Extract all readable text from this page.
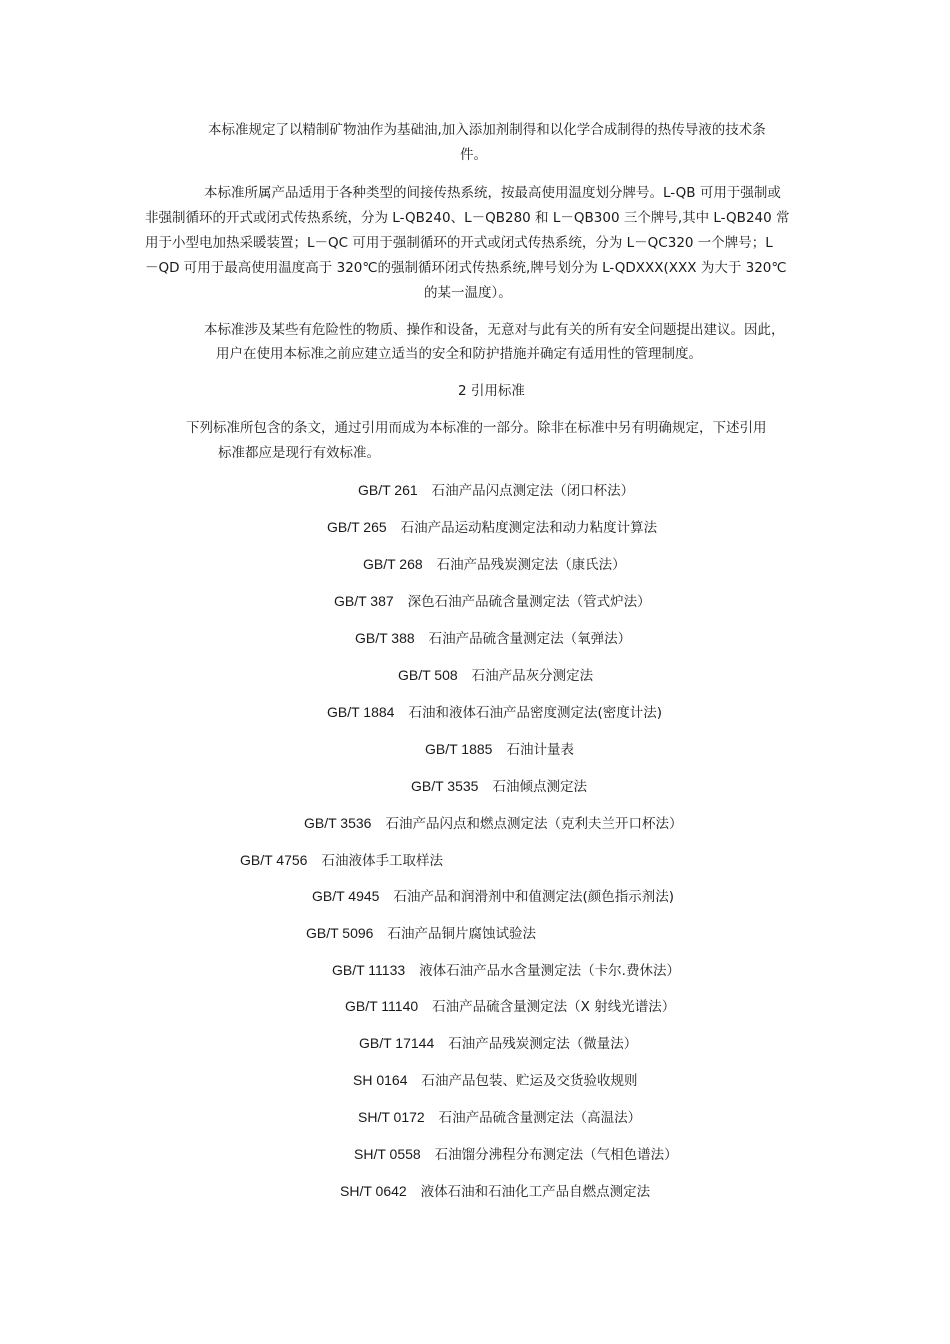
本标准规定了以精制矿物油作为基础油,加入添加剂制得和以化学合成制得的热传导液的技术条
件。
本标准所属产品适用于各种类型的间接传热系统，按最高使用温度划分牌号。L-QB 可用于强制或
非强制循环的开式或闭式传热系统，分为 L-QB240、L－QB280 和 L－QB300 三个牌号,其中 L-QB240 常
用于小型电加热采暖装置；L－QC 可用于强制循环的开式或闭式传热系统，分为 L－QC320 一个牌号；L
－QD 可用于最高使用温度高于 320℃的强制循环闭式传热系统,牌号划分为 L-QDXXX(XXX 为大于 320℃
的某一温度）。
本标准涉及某些有危险性的物质、操作和设备，无意对与此有关的所有安全问题提出建议。因此，
用户在使用本标准之前应建立适当的安全和防护措施并确定有适用性的管理制度。
2 引用标准
下列标准所包含的条文，通过引用而成为本标准的一部分。除非在标准中另有明确规定，下述引用
标准都应是现行有效标准。
GB/T 261 石油产品闪点测定法（闭口杯法）
GB/T 265 石油产品运动粘度测定法和动力粘度计算法
GB/T 268 石油产品残炭测定法（康氏法）
GB/T 387 深色石油产品硫含量测定法（管式炉法）
GB/T 388 石油产品硫含量测定法（氧弹法）
GB/T 508 石油产品灰分测定法
GB/T 1884 石油和液体石油产品密度测定法(密度计法)
GB/T 1885 石油计量表
GB/T 3535 石油倾点测定法
GB/T 3536 石油产品闪点和燃点测定法（克利夫兰开口杯法）
GB/T 4756 石油液体手工取样法
GB/T 4945 石油产品和润滑剂中和值测定法(颜色指示剂法)
GB/T 5096 石油产品铜片腐蚀试验法
GB/T 11133 液体石油产品水含量测定法（卡尔.费休法）
GB/T 11140 石油产品硫含量测定法（X 射线光谱法）
GB/T 17144 石油产品残炭测定法（微量法）
SH 0164 石油产品包装、贮运及交货验收规则
SH/T 0172 石油产品硫含量测定法（高温法）
SH/T 0558 石油馏分沸程分布测定法（气相色谱法）
SH/T 0642 液体石油和石油化工产品自燃点测定法
